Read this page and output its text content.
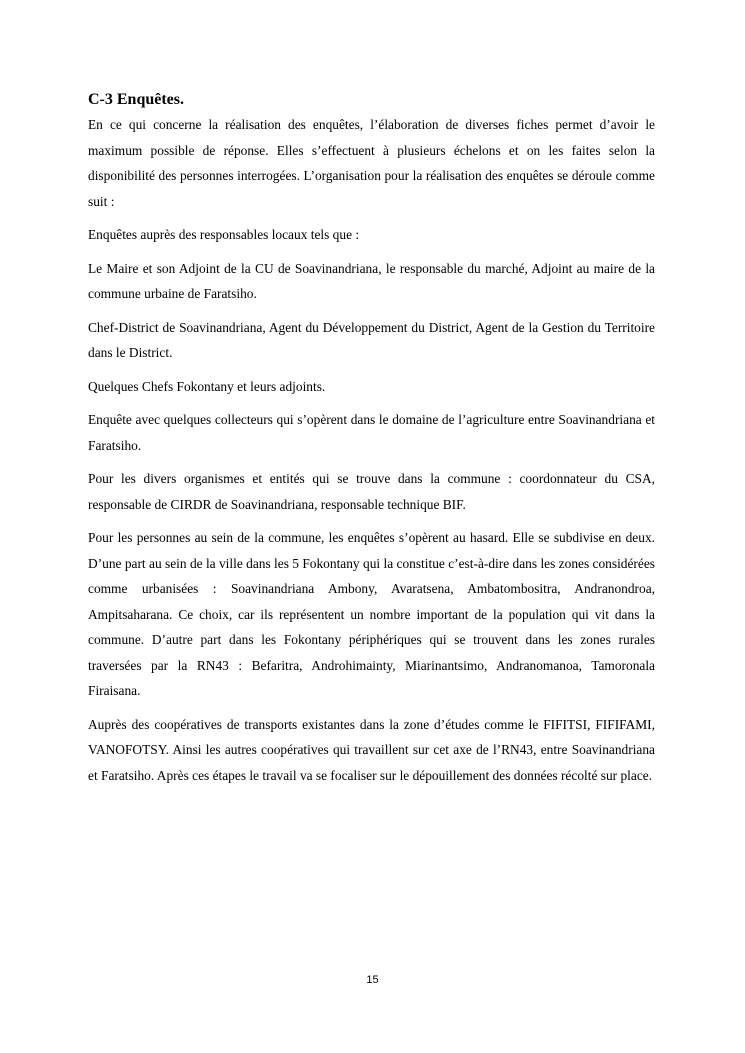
C-3 Enquêtes.

En ce qui concerne la réalisation des enquêtes, l’élaboration de diverses fiches permet d’avoir le maximum possible de réponse. Elles s’effectuent à plusieurs échelons et on les faites selon la disponibilité des personnes interrogées. L’organisation pour la réalisation des enquêtes se déroule comme suit :

Enquêtes auprès des responsables locaux tels que :

Le Maire et son Adjoint de la CU de Soavinandriana, le responsable du marché, Adjoint au maire de la commune urbaine de Faratsiho.

Chef-District de Soavinandriana, Agent du Développement du District, Agent de la Gestion du Territoire dans le District.

Quelques Chefs Fokontany et leurs adjoints.

Enquête avec quelques collecteurs qui s’opèrent dans le domaine de l’agriculture entre Soavinandriana et Faratsiho.

Pour les divers organismes et entités qui se trouve dans la commune : coordonnateur du CSA, responsable de CIRDR de Soavinandriana, responsable technique BIF.

Pour les personnes au sein de la commune, les enquêtes s’opèrent au hasard. Elle se subdivise en deux. D’une part au sein de la ville dans les 5 Fokontany qui la constitue c’est-à-dire dans les zones considérées comme urbanisées : Soavinandriana Ambony, Avaratsena, Ambatombositra, Andranondroa, Ampitsaharana. Ce choix, car ils représentent un nombre important de la population qui vit dans la commune. D’autre part dans les Fokontany périphériques qui se trouvent dans les zones rurales traversées par la RN43 : Befaritra, Androhimainty, Miarinantsimo, Andranomanoa, Tamoronala Firaisana.

Auprès des coopératives de transports existantes dans la zone d’études comme le FIFITSI, FIFIFAMI, VANOFOTSY. Ainsi les autres coopératives qui travaillent sur cet axe de l’RN43, entre Soavinandriana et Faratsiho. Après ces étapes le travail va se focaliser sur le dépouillement des données récolté sur place.

15
